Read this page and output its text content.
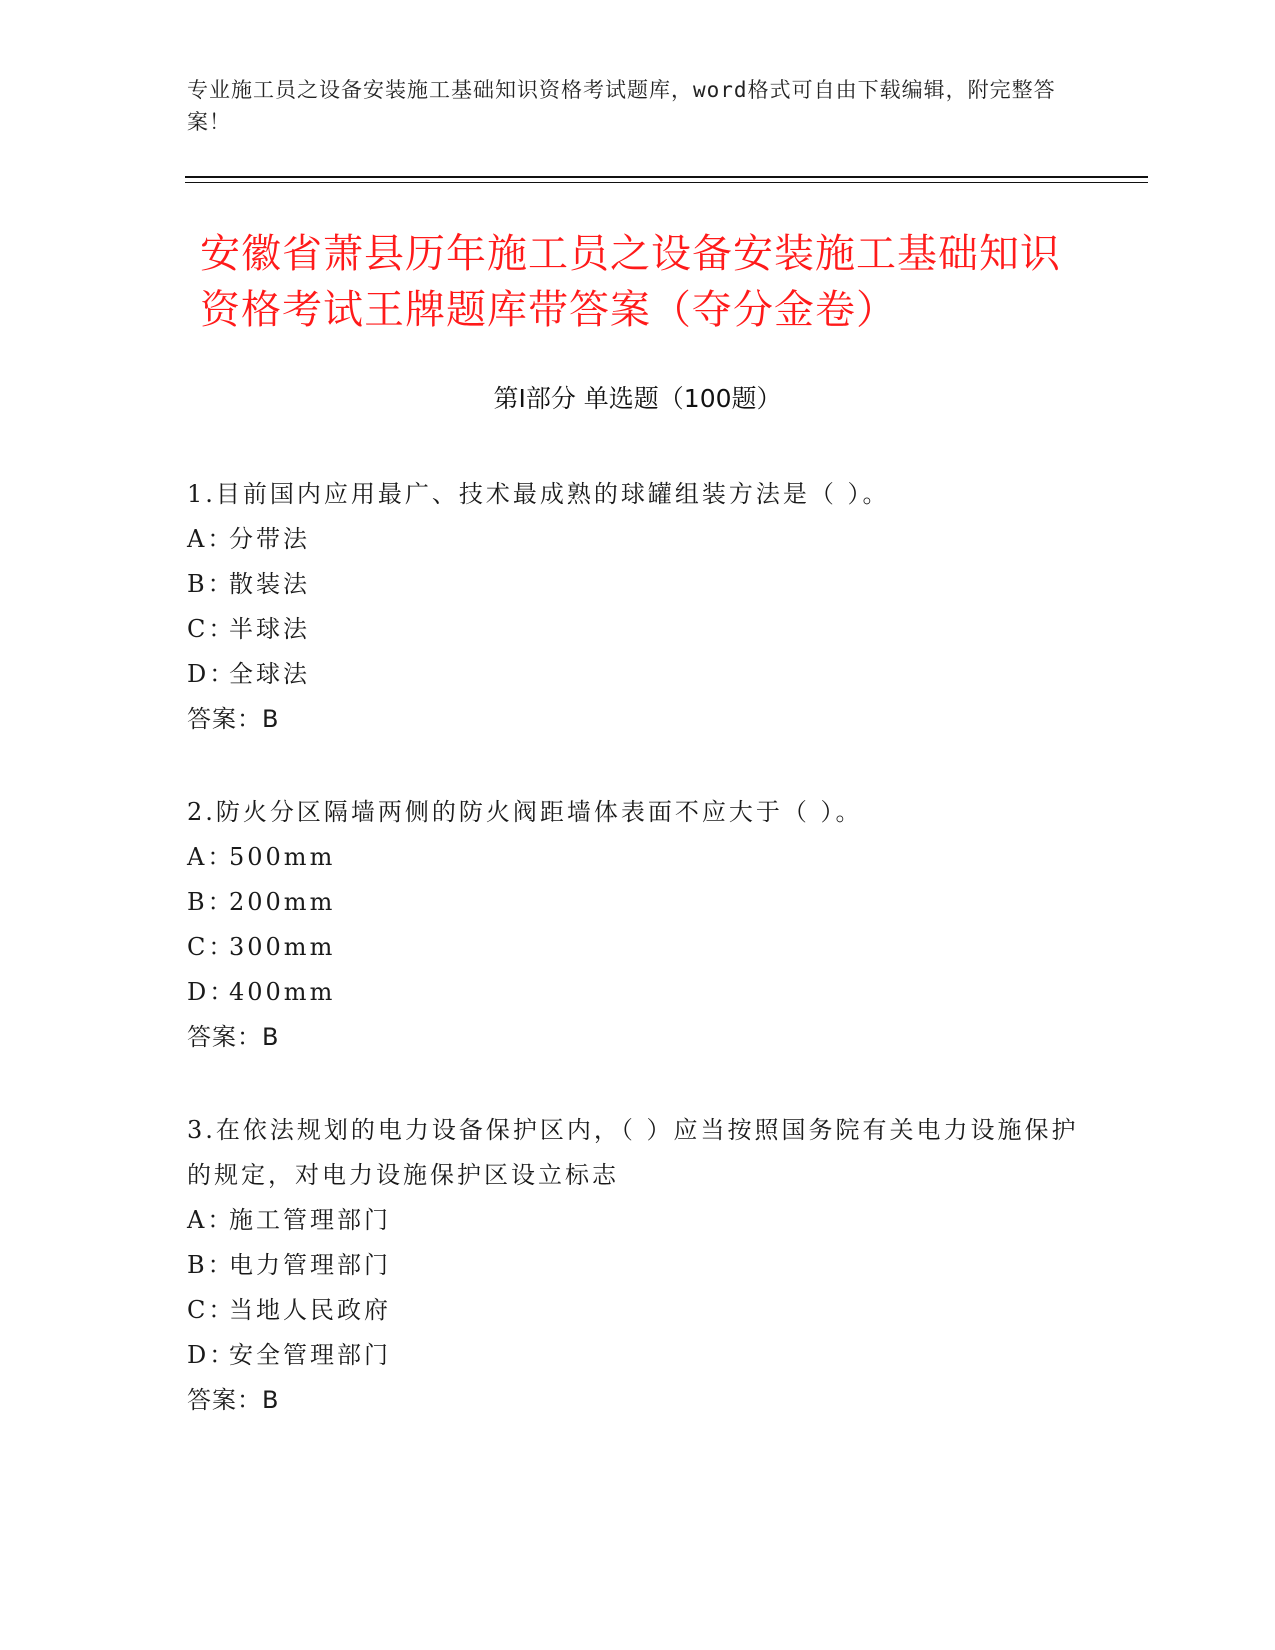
专业施工员之设备安装施工基础知识资格考试题库，word格式可自由下载编辑，附完整答案！
安徽省萧县历年施工员之设备安装施工基础知识资格考试王牌题库带答案（夺分金卷）
第Ⅰ部分 单选题（100题）
1.目前国内应用最广、技术最成熟的球罐组装方法是（ ）。
A：
分带法
B：
散装法
C：
半球法
D：
全球法
答案：B
2.防火分区隔墙两侧的防火阀距墙体表面不应大于（ ）。
A：
500mm
B：
200mm
C：
300mm
D：
400mm
答案：B
3.在依法规划的电力设备保护区内，（ ）应当按照国务院有关电力设施保护的规定，对电力设施保护区设立标志
A：
施工管理部门
B：
电力管理部门
C：
当地人民政府
D：
安全管理部门
答案：B
